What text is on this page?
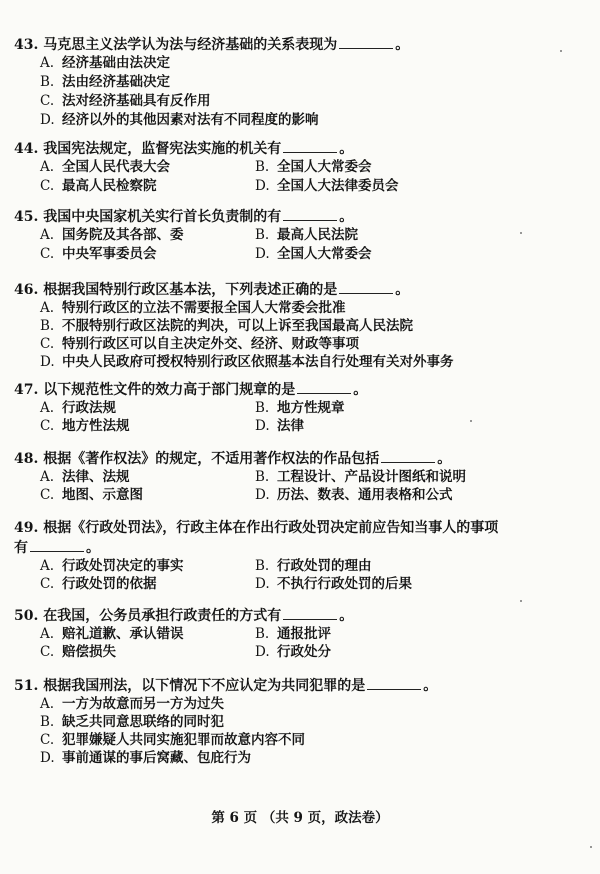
43. 马克思主义法学认为法与经济基础的关系表现为	。
A. 经济基础由法决定
B. 法由经济基础决定
C. 法对经济基础具有反作用
D. 经济以外的其他因素对法有不同程度的影响
44. 我国宪法规定，监督宪法实施的机关有	。
A. 全国人民代表大会	B. 全国人大常委会
C. 最高人民检察院	D. 全国人大法律委员会
45. 我国中央国家机关实行首长负责制的有	。
A. 国务院及其各部、委	B. 最高人民法院
C. 中央军事委员会	D. 全国人大常委会
46. 根据我国特别行政区基本法，下列表述正确的是	。
A. 特别行政区的立法不需要报全国人大常委会批准
B. 不服特别行政区法院的判决，可以上诉至我国最高人民法院
C. 特别行政区可以自主决定外交、经济、财政等事项
D. 中央人民政府可授权特别行政区依照基本法自行处理有关对外事务
47. 以下规范性文件的效力高于部门规章的是	。
A. 行政法规	B. 地方性规章
C. 地方性法规	D. 法律
48. 根据《著作权法》的规定，不适用著作权法的作品包括	。
A. 法律、法规	B. 工程设计、产品设计图纸和说明
C. 地图、示意图	D. 历法、数表、通用表格和公式
49. 根据《行政处罚法》，行政主体在作出行政处罚决定前应告知当事人的事项
有	。
A. 行政处罚决定的事实	B. 行政处罚的理由
C. 行政处罚的依据	D. 不执行行政处罚的后果
50. 在我国，公务员承担行政责任的方式有	。
A. 赔礼道歉、承认错误	B. 通报批评
C. 赔偿损失	D. 行政处分
51. 根据我国刑法，以下情况下不应认定为共同犯罪的是	。
A. 一方为故意而另一方为过失
B. 缺乏共同意思联络的同时犯
C. 犯罪嫌疑人共同实施犯罪而故意内容不同
D. 事前通谋的事后窝藏、包庇行为
第 6 页 （共 9 页，政法卷）
